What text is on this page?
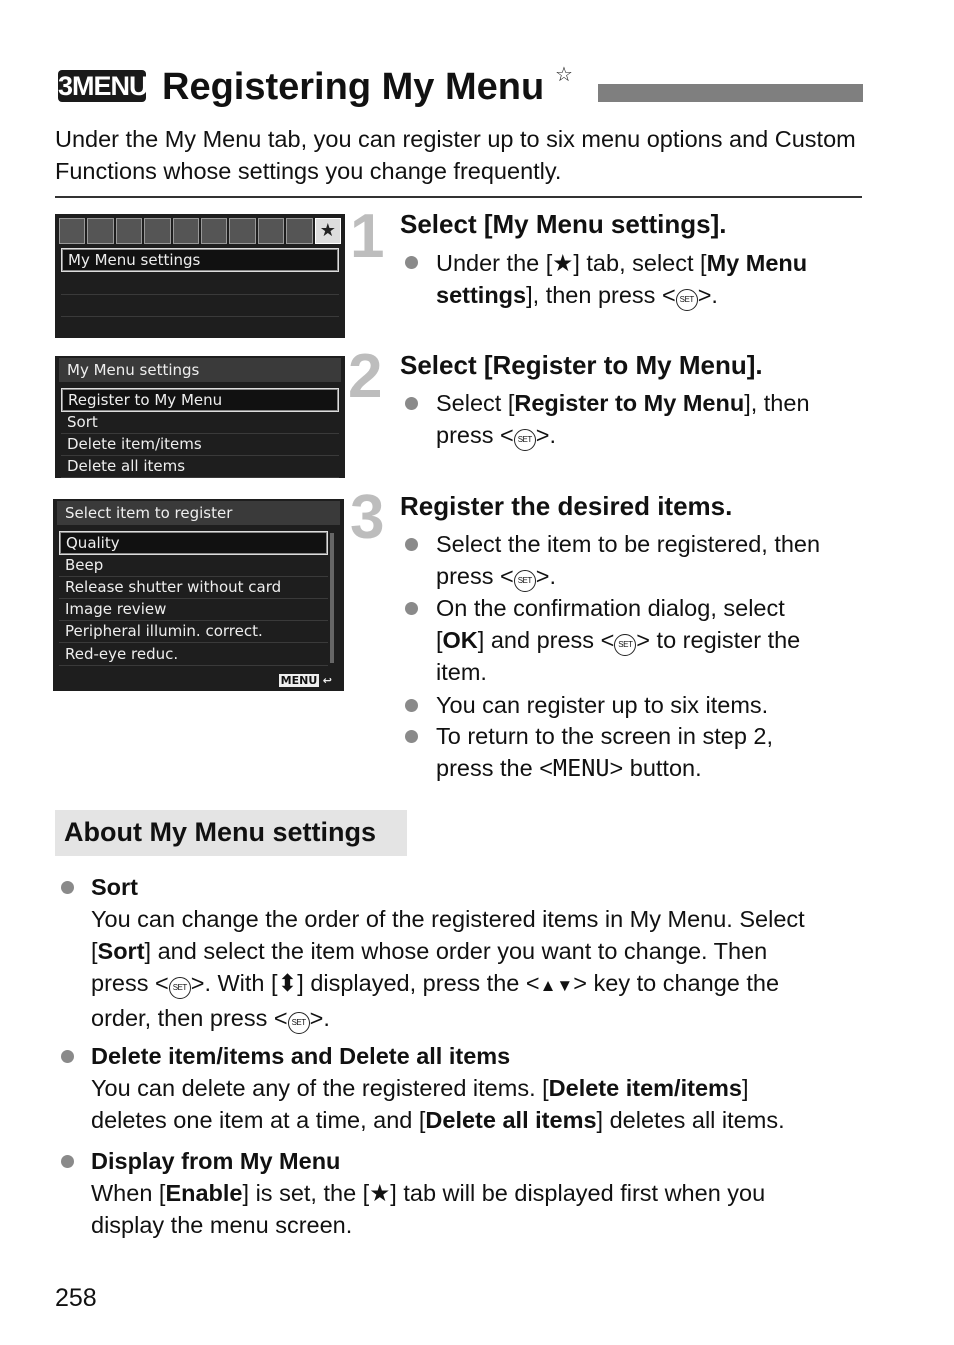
3MENU Registering My Menu ☆
Under the My Menu tab, you can register up to six menu options and Custom Functions whose settings you change frequently.
★
My Menu settings
My Menu settings
Register to My Menu
Sort
Delete item/items
Delete all items
Select item to register
Quality
Beep
Release shutter without card
Image review
Peripheral illumin. correct.
Red-eye reduc.
MENU ↩
1
2
3
Select [My Menu settings].
Select [Register to My Menu].
Register the desired items.
Under the [★] tab, select [My Menu
settings], then press < SET >.
Select [Register to My Menu], then
press < SET >.
Select the item to be registered, then
press < SET >.
On the confirmation dialog, select
[OK] and press < SET > to register the
item.
You can register up to six items.
To return to the screen in step 2,
press the <MENU> button.
About My Menu settings
Sort
You can change the order of the registered items in My Menu. Select
[Sort] and select the item whose order you want to change. Then
press < SET >. With [⬍] displayed, press the <▲▼> key to change the
order, then press < SET >.
Delete item/items and Delete all items
You can delete any of the registered items. [Delete item/items]
deletes one item at a time, and [Delete all items] deletes all items.
Display from My Menu
When [Enable] is set, the [★] tab will be displayed first when you
display the menu screen.
258
